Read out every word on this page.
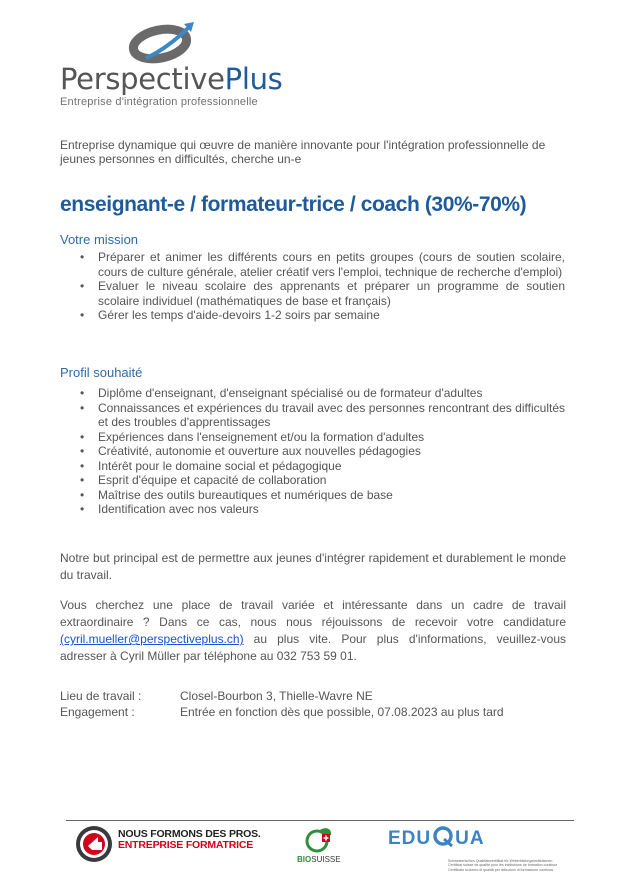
PerspectivePlus
Entreprise d'intégration professionnelle
Entreprise dynamique qui œuvre de manière innovante pour l'intégration professionnelle de jeunes personnes en difficultés, cherche un-e
enseignant-e / formateur-trice / coach (30%-70%)
Votre mission
• Préparer et animer les différents cours en petits groupes (cours de soutien scolaire, cours de culture générale, atelier créatif vers l'emploi, technique de recherche d'emploi)
• Evaluer le niveau scolaire des apprenants et préparer un programme de soutien scolaire individuel (mathématiques de base et français)
• Gérer les temps d'aide-devoirs 1-2 soirs par semaine
Profil souhaité
• Diplôme d'enseignant, d'enseignant spécialisé ou de formateur d'adultes
• Connaissances et expériences du travail avec des personnes rencontrant des difficultés et des troubles d'apprentissages
• Expériences dans l'enseignement et/ou la formation d'adultes
• Créativité, autonomie et ouverture aux nouvelles pédagogies
• Intérêt pour le domaine social et pédagogique
• Esprit d'équipe et capacité de collaboration
• Maîtrise des outils bureautiques et numériques de base
• Identification avec nos valeurs
Notre but principal est de permettre aux jeunes d'intégrer rapidement et durablement le monde du travail.
Vous cherchez une place de travail variée et intéressante dans un cadre de travail extraordinaire ? Dans ce cas, nous nous réjouissons de recevoir votre candidature (cyril.mueller@perspectiveplus.ch) au plus vite. Pour plus d'informations, veuillez-vous adresser à Cyril Müller par téléphone au 032 753 59 01.
Lieu de travail :	Closel-Bourbon 3, Thielle-Wavre NE
Engagement :	Entrée en fonction dès que possible, 07.08.2023 au plus tard
NOUS FORMONS DES PROS.
ENTREPRISE FORMATRICE
BIOSUISSE
EDU UA
Schweizerisches Qualitätszertifikat für Weiterbildungsinstitutionen Certificat suisse de qualité pour les institutions de formation continue Certificato svizzero di qualità per istituzioni di formazione continua
